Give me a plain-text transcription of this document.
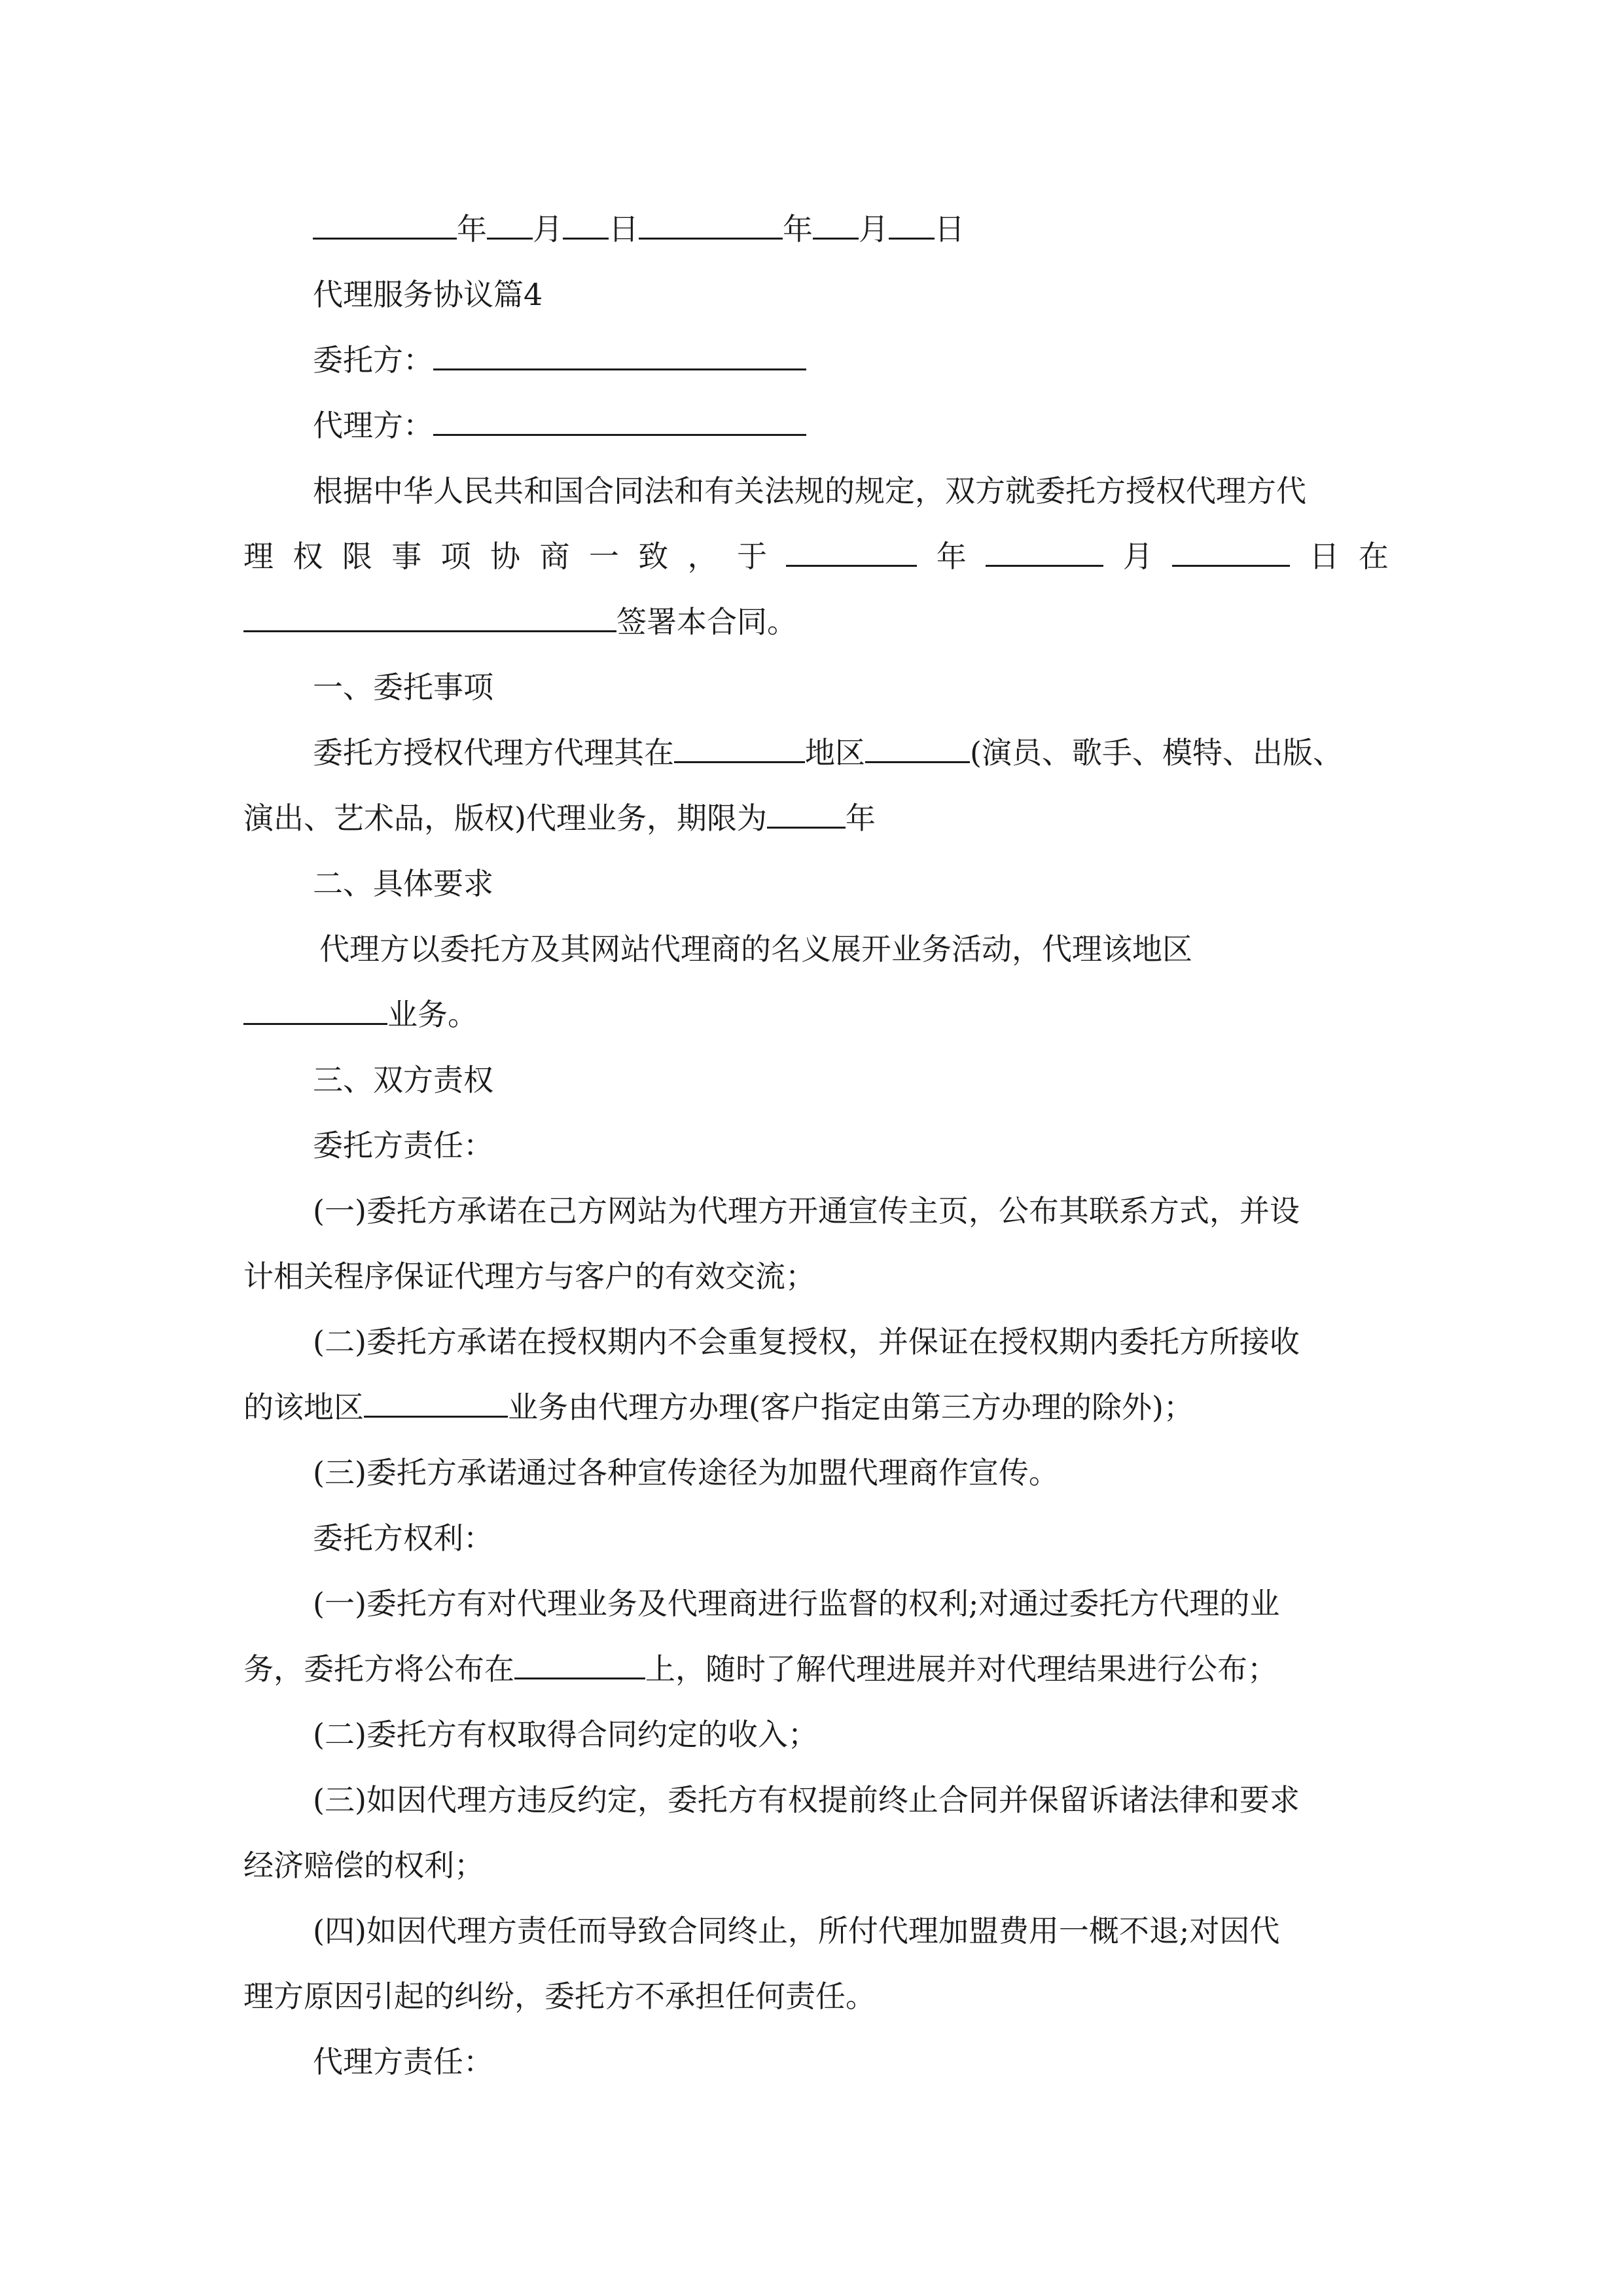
年 月 日	年 月 日
代理服务协议篇4
委托方：
代理方：
根据中华人民共和国合同法和有关法规的规定，双方就委托方授权代理方代
理 权 限 事 项 协 商 一 致 ， 于	年	月	日 在
签署本合同。
一、委托事项
委托方授权代理方代理其在	地区	(演员、歌手、模特、出版、
演出、艺术品，版权)代理业务，期限为	年
二、具体要求
代理方以委托方及其网站代理商的名义展开业务活动，代理该地区
业务。
三、双方责权
委托方责任：
(一)委托方承诺在己方网站为代理方开通宣传主页，公布其联系方式，并设
计相关程序保证代理方与客户的有效交流；
(二)委托方承诺在授权期内不会重复授权，并保证在授权期内委托方所接收
的该地区	业务由代理方办理(客户指定由第三方办理的除外)；
(三)委托方承诺通过各种宣传途径为加盟代理商作宣传。
委托方权利：
(一)委托方有对代理业务及代理商进行监督的权利;对通过委托方代理的业
务，委托方将公布在	上，随时了解代理进展并对代理结果进行公布；
(二)委托方有权取得合同约定的收入；
(三)如因代理方违反约定，委托方有权提前终止合同并保留诉诸法律和要求
经济赔偿的权利；
(四)如因代理方责任而导致合同终止，所付代理加盟费用一概不退;对因代
理方原因引起的纠纷，委托方不承担任何责任。
代理方责任：
